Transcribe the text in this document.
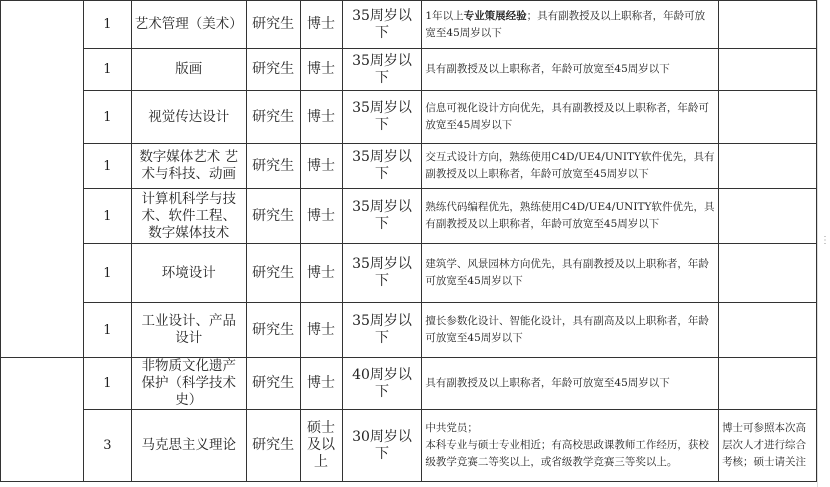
	1	艺术管理（美术）	研究生	博士	35周岁以下	1年以上专业策展经验；具有副教授及以上职称者，年龄可放宽至45周岁以下	
	1	版画	研究生	博士	35周岁以下	具有副教授及以上职称者，年龄可放宽至45周岁以下	
	1	视觉传达设计	研究生	博士	35周岁以下	信息可视化设计方向优先，具有副教授及以上职称者，年龄可放宽至45周岁以下	
	1	数字媒体艺术 艺术与科技、动画	研究生	博士	35周岁以下	交互式设计方向，熟练使用C4D/UE4/UNITY软件优先，具有副教授及以上职称者，年龄可放宽至45周岁以下	
	1	计算机科学与技术、软件工程、数字媒体技术	研究生	博士	35周岁以下	熟练代码编程优先，熟练使用C4D/UE4/UNITY软件优先，具有副教授及以上职称者，年龄可放宽至45周岁以下	
	1	环境设计	研究生	博士	35周岁以下	建筑学、风景园林方向优先，具有副教授及以上职称者，年龄可放宽至45周岁以下	
	1	工业设计、产品设计	研究生	博士	35周岁以下	擅长参数化设计、智能化设计，具有副高及以上职称者，年龄可放宽至45周岁以下	
	1	非物质文化遗产保护（科学技术史）	研究生	博士	40周岁以下	具有副教授及以上职称者，年龄可放宽至45周岁以下	
	3	马克思主义理论	研究生	硕士及以上	30周岁以下	中共党员；
本科专业与硕士专业相近；有高校思政课教师工作经历，获校级教学竞赛二等奖以上，或省级教学竞赛三等奖以上。	博士可参照本次高层次人才进行综合考核；硕士请关注
⋮
